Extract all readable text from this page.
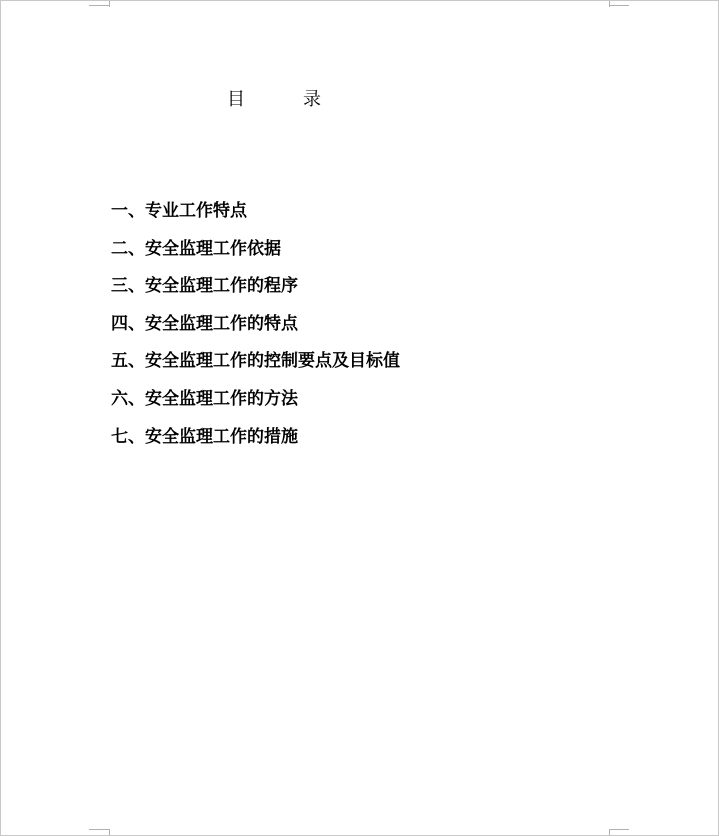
目	录
一、专业工作特点
二、安全监理工作依据
三、安全监理工作的程序
四、安全监理工作的特点
五、安全监理工作的控制要点及目标值
六、安全监理工作的方法
七、安全监理工作的措施
